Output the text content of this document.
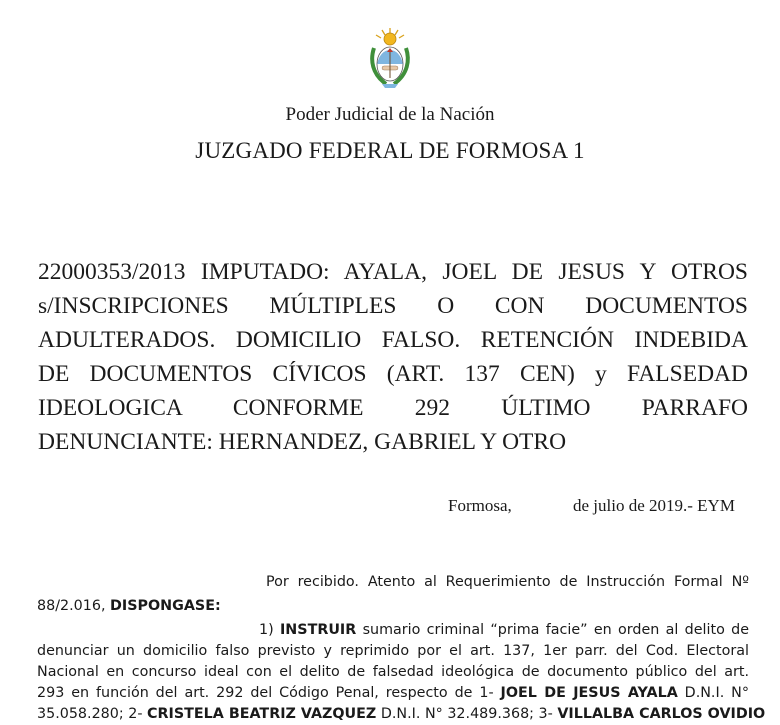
Poder Judicial de la Nación
JUZGADO FEDERAL DE FORMOSA 1
22000353/2013 IMPUTADO: AYALA, JOEL DE JESUS Y OTROS
s/INSCRIPCIONES MÚLTIPLES O CON DOCUMENTOS
ADULTERADOS. DOMICILIO FALSO. RETENCIÓN INDEBIDA
DE DOCUMENTOS CÍVICOS (ART. 137 CEN) y FALSEDAD
IDEOLOGICA CONFORME 292 ÚLTIMO PARRAFO
DENUNCIANTE: HERNANDEZ, GABRIEL Y OTRO
Formosa,	de julio de 2019.- EYM
Por recibido. Atento al Requerimiento de Instrucción Formal Nº
88/2.016, DISPONGASE:
1) INSTRUIR sumario criminal “prima facie” en orden al delito de
denunciar un domicilio falso previsto y reprimido por el art. 137, 1er parr. del Cod. Electoral
Nacional en concurso ideal con el delito de falsedad ideológica de documento público del art.
293 en función del art. 292 del Código Penal, respecto de 1- JOEL DE JESUS AYALA D.N.I. N°
35.058.280; 2- CRISTELA BEATRIZ VAZQUEZ D.N.I. N° 32.489.368; 3- VILLALBA CARLOS OVIDIO
